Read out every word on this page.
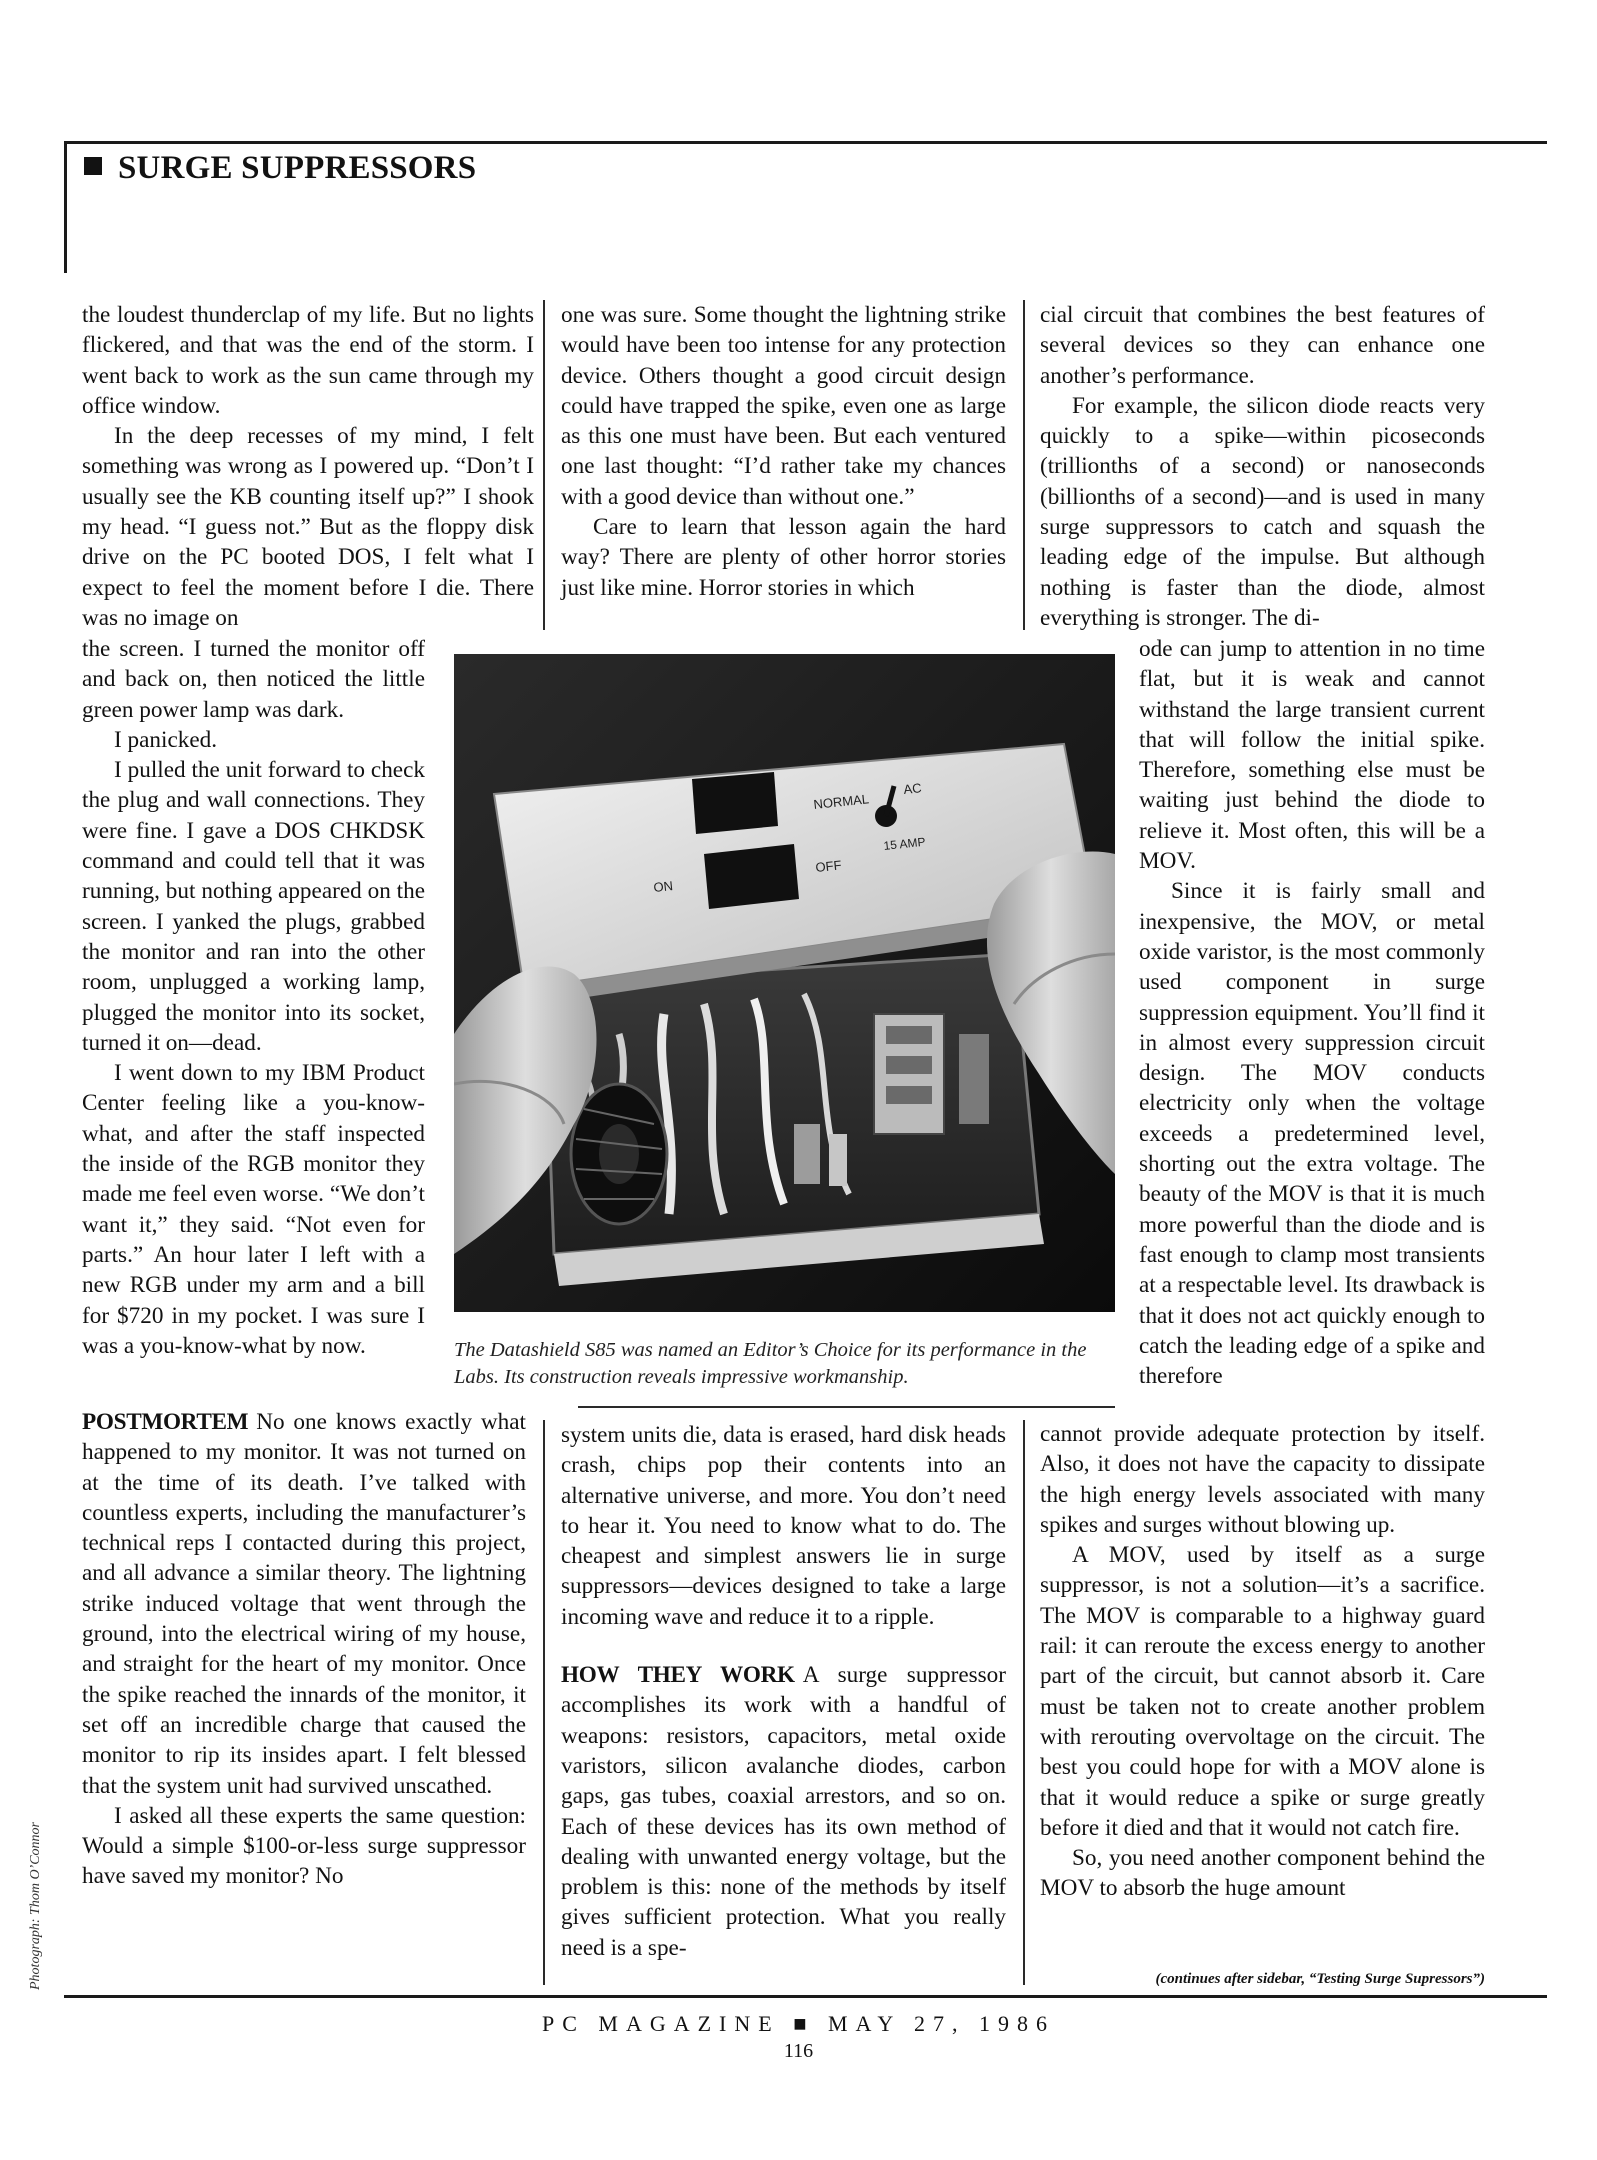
SURGE SUPPRESSORS

the loudest thunderclap of my life. But no lights flickered, and that was the end of the storm. I went back to work as the sun came through my office window.

In the deep recesses of my mind, I felt something was wrong as I powered up. “Don’t I usually see the KB counting itself up?” I shook my head. “I guess not.” But as the floppy disk drive on the PC booted DOS, I felt what I expect to feel the moment before I die. There was no image on

the screen. I turned the monitor off and back on, then noticed the little green power lamp was dark.

I panicked.

I pulled the unit forward to check the plug and wall connections. They were fine. I gave a DOS CHKDSK command and could tell that it was running, but nothing appeared on the screen. I yanked the plugs, grabbed the monitor and ran into the other room, unplugged a working lamp, plugged the monitor into its socket, turned it on—dead.

I went down to my IBM Product Center feeling like a you-know-what, and after the staff inspected the inside of the RGB monitor they made me feel even worse. “We don’t want it,” they said. “Not even for parts.” An hour later I left with a new RGB under my arm and a bill for $720 in my pocket. I was sure I was a you-know-what by now.

POSTMORTEM No one knows exactly what happened to my monitor. It was not turned on at the time of its death. I’ve talked with countless experts, including the manufacturer’s technical reps I contacted during this project, and all advance a similar theory. The lightning strike induced voltage that went through the ground, into the electrical wiring of my house, and straight for the heart of my monitor. Once the spike reached the innards of the monitor, it set off an incredible charge that caused the monitor to rip its insides apart. I felt blessed that the system unit had survived unscathed.

I asked all these experts the same question: Would a simple $100-or-less surge suppressor have saved my monitor? No

one was sure. Some thought the lightning strike would have been too intense for any protection device. Others thought a good circuit design could have trapped the spike, even one as large as this one must have been. But each ventured one last thought: “I’d rather take my chances with a good device than without one.”

Care to learn that lesson again the hard way? There are plenty of other horror stories just like mine. Horror stories in which

system units die, data is erased, hard disk heads crash, chips pop their contents into an alternative universe, and more. You don’t need to hear it. You need to know what to do. The cheapest and simplest answers lie in surge suppressors—devices designed to take a large incoming wave and reduce it to a ripple.

HOW THEY WORK A surge suppressor accomplishes its work with a handful of weapons: resistors, capacitors, metal oxide varistors, silicon avalanche diodes, carbon gaps, gas tubes, coaxial arrestors, and so on. Each of these devices has its own method of dealing with unwanted energy voltage, but the problem is this: none of the methods by itself gives sufficient protection. What you really need is a spe-

cial circuit that combines the best features of several devices so they can enhance one another’s performance.

For example, the silicon diode reacts very quickly to a spike—within picoseconds (trillionths of a second) or nanoseconds (billionths of a second)—and is used in many surge suppressors to catch and squash the leading edge of the impulse. But although nothing is faster than the diode, almost everything is stronger. The di-

ode can jump to attention in no time flat, but it is weak and cannot withstand the large transient current that will follow the initial spike. Therefore, something else must be waiting just behind the diode to relieve it. Most often, this will be a MOV.

Since it is fairly small and inexpensive, the MOV, or metal oxide varistor, is the most commonly used component in surge suppression equipment. You’ll find it in almost every suppression circuit design. The MOV conducts electricity only when the voltage exceeds a predetermined level, shorting out the extra voltage. The beauty of the MOV is that it is much more powerful than the diode and is fast enough to clamp most transients at a respectable level. Its drawback is that it does not act quickly enough to catch the leading edge of a spike and therefore

cannot provide adequate protection by itself. Also, it does not have the capacity to dissipate the high energy levels associated with many spikes and surges without blowing up.

A MOV, used by itself as a surge suppressor, is not a solution—it’s a sacrifice. The MOV is comparable to a highway guard rail: it can reroute the excess energy to another part of the circuit, but cannot absorb it. Care must be taken not to create another problem with rerouting overvoltage on the circuit. The best you could hope for with a MOV alone is that it would reduce a spike or surge greatly before it died and that it would not catch fire.

So, you need another component behind the MOV to absorb the huge amount

NORMAL
AC
15 AMP
ON
OFF
The Datashield S85 was named an Editor’s Choice for its performance in the Labs. Its construction reveals impressive workmanship.
(continues after sidebar, “Testing Surge Supressors”)
Photograph: Thom O’Connor
PC MAGAZINE ■ MAY 27, 1986
116
